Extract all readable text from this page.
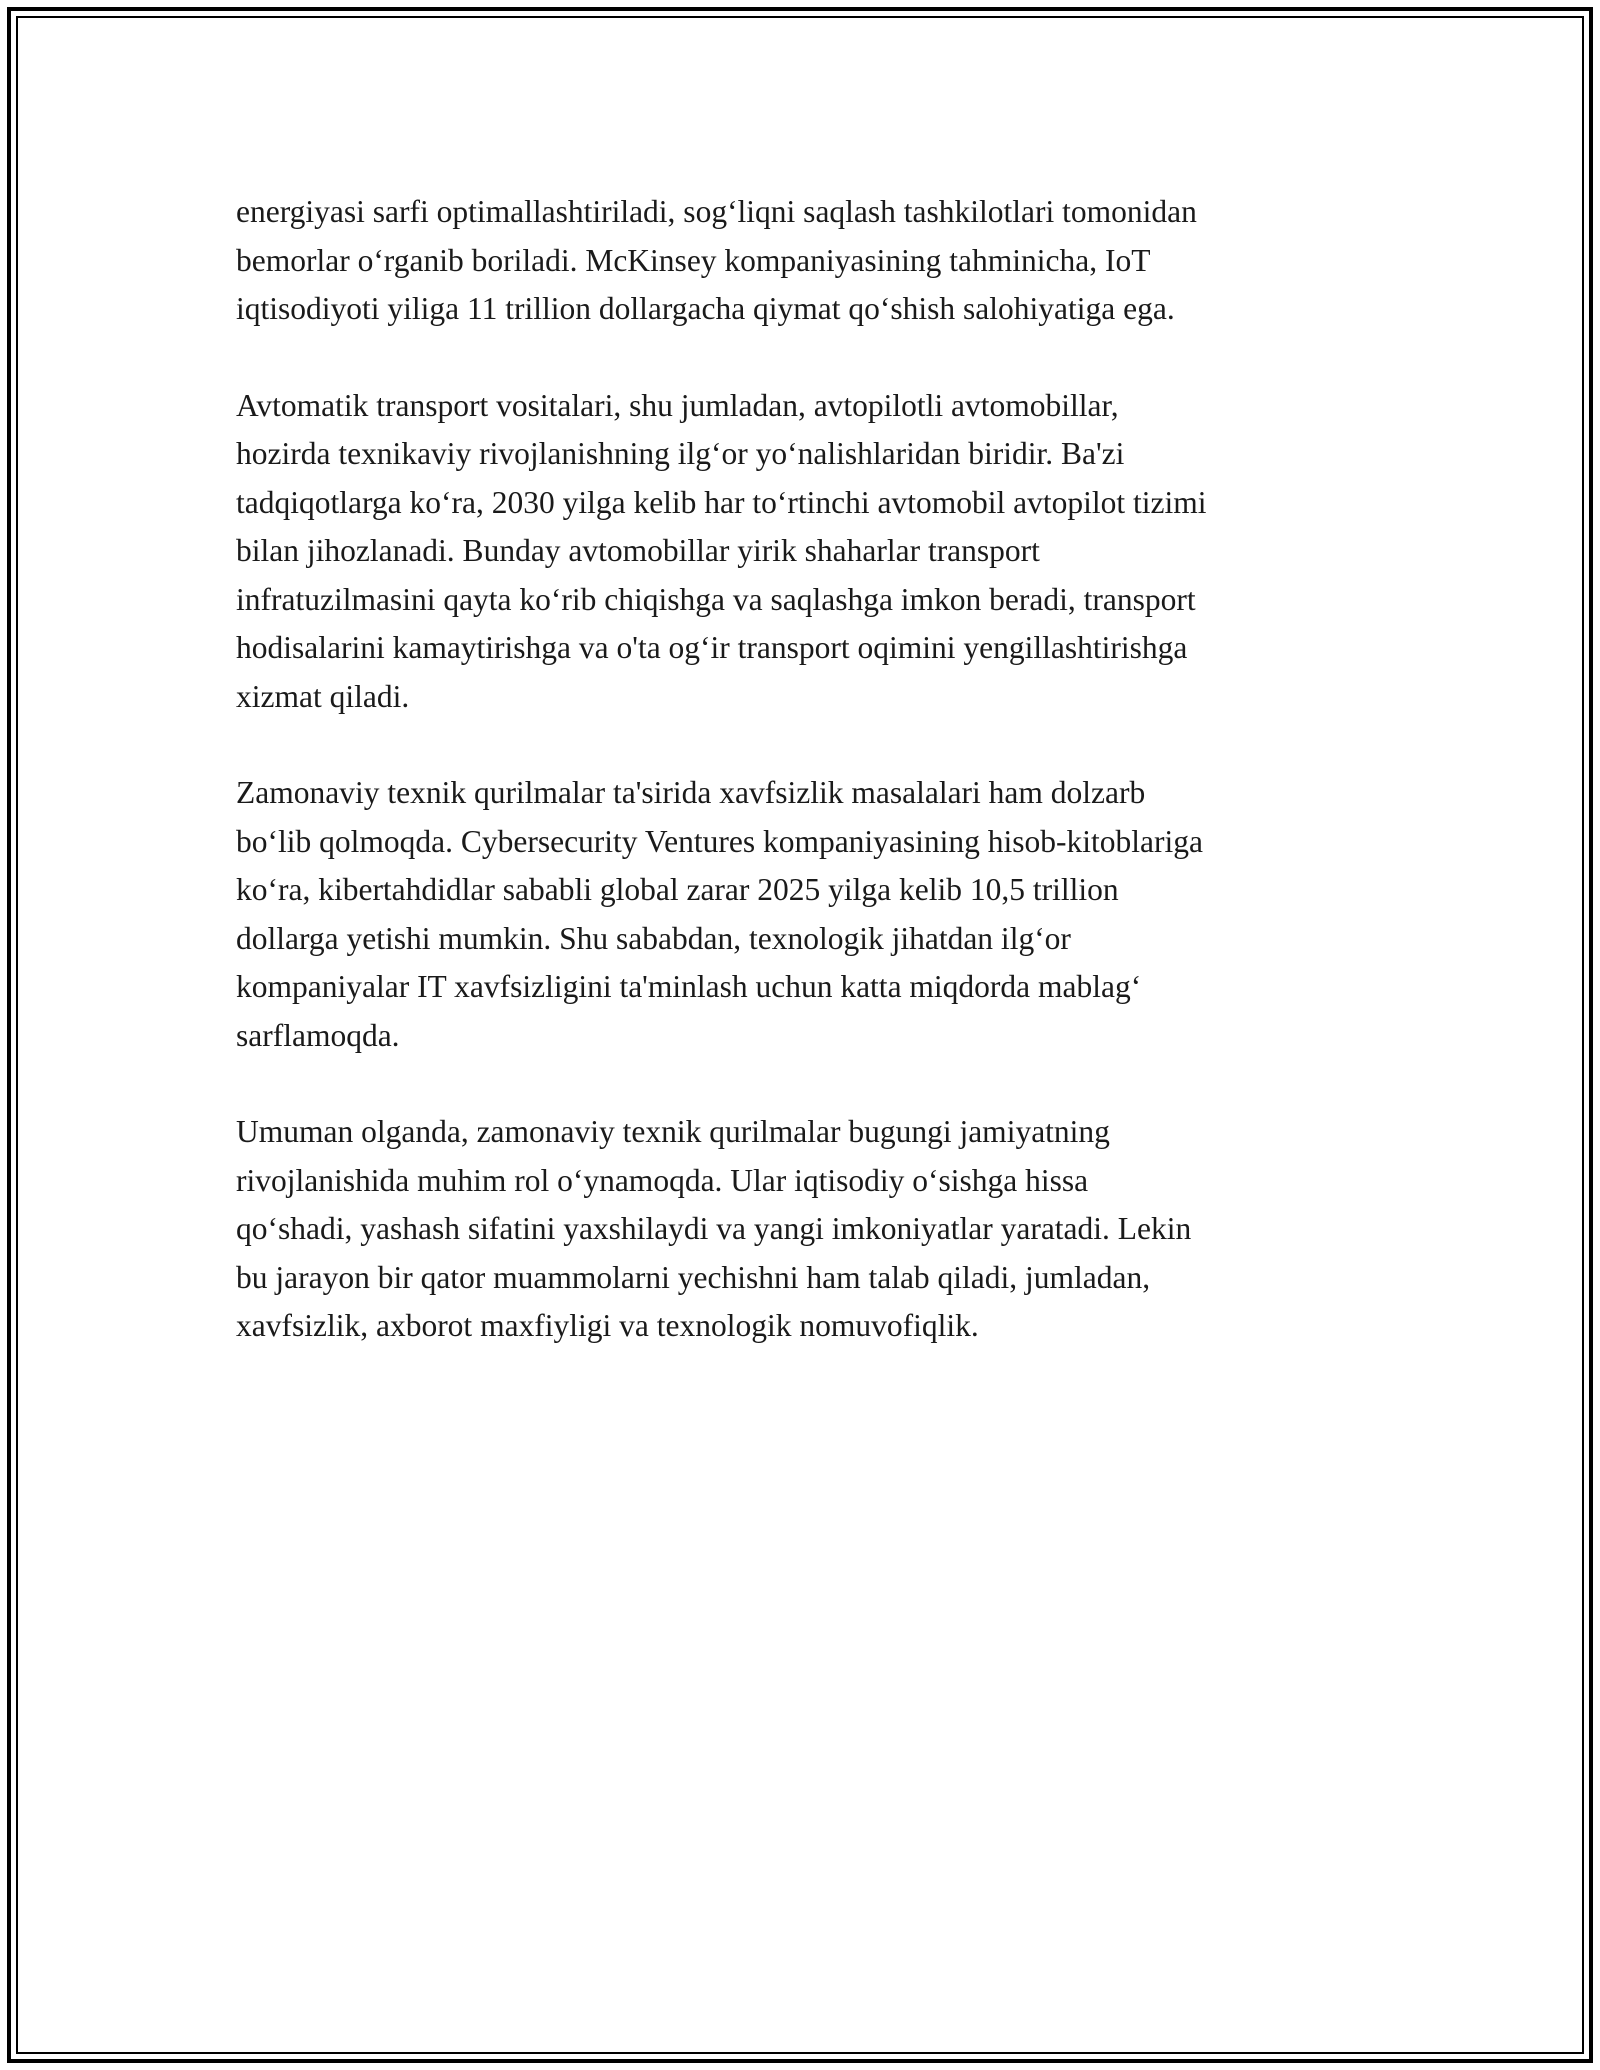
energiyasi sarfi optimallashtiriladi, sog‘liqni saqlash tashkilotlari tomonidan
bemorlar o‘rganib boriladi. McKinsey kompaniyasining tahminicha, IoT
iqtisodiyoti yiliga 11 trillion dollargacha qiymat qo‘shish salohiyatiga ega.

Avtomatik transport vositalari, shu jumladan, avtopilotli avtomobillar,
hozirda texnikaviy rivojlanishning ilg‘or yo‘nalishlaridan biridir. Ba'zi
tadqiqotlarga ko‘ra, 2030 yilga kelib har to‘rtinchi avtomobil avtopilot tizimi
bilan jihozlanadi. Bunday avtomobillar yirik shaharlar transport
infratuzilmasini qayta ko‘rib chiqishga va saqlashga imkon beradi, transport
hodisalarini kamaytirishga va o'ta og‘ir transport oqimini yengillashtirishga
xizmat qiladi.

Zamonaviy texnik qurilmalar ta'sirida xavfsizlik masalalari ham dolzarb
bo‘lib qolmoqda. Cybersecurity Ventures kompaniyasining hisob-kitoblariga
ko‘ra, kibertahdidlar sababli global zarar 2025 yilga kelib 10,5 trillion
dollarga yetishi mumkin. Shu sababdan, texnologik jihatdan ilg‘or
kompaniyalar IT xavfsizligini ta'minlash uchun katta miqdorda mablag‘
sarflamoqda.

Umuman olganda, zamonaviy texnik qurilmalar bugungi jamiyatning
rivojlanishida muhim rol o‘ynamoqda. Ular iqtisodiy o‘sishga hissa
qo‘shadi, yashash sifatini yaxshilaydi va yangi imkoniyatlar yaratadi. Lekin
bu jarayon bir qator muammolarni yechishni ham talab qiladi, jumladan,
xavfsizlik, axborot maxfiyligi va texnologik nomuvofiqlik.
